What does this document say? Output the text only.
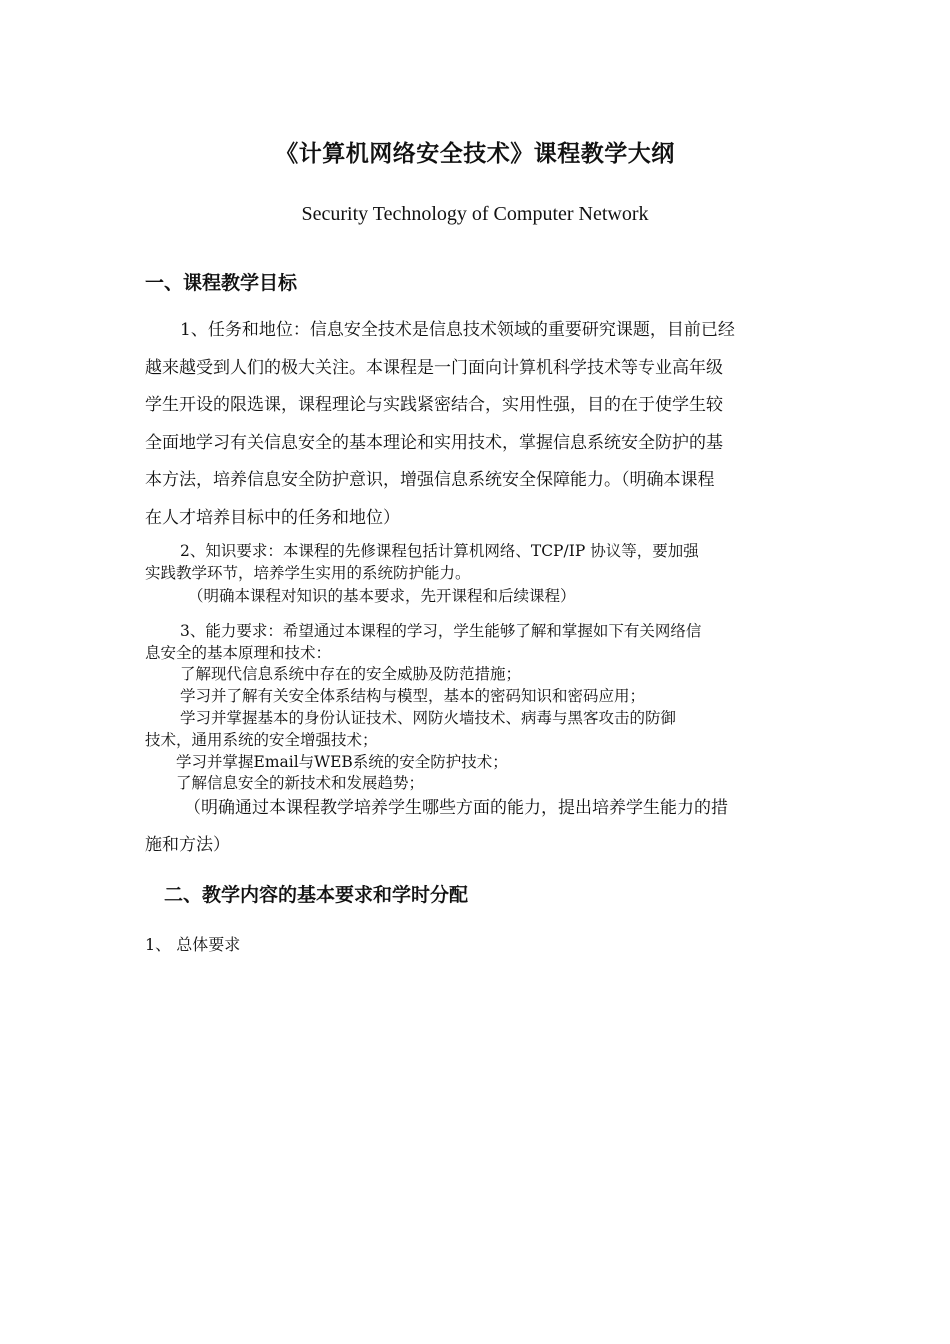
《计算机网络安全技术》课程教学大纲
Security Technology of Computer Network
一、课程教学目标
1、任务和地位：信息安全技术是信息技术领域的重要研究课题，目前已经
越来越受到人们的极大关注。本课程是一门面向计算机科学技术等专业高年级
学生开设的限选课，课程理论与实践紧密结合，实用性强，目的在于使学生较
全面地学习有关信息安全的基本理论和实用技术，掌握信息系统安全防护的基
本方法，培养信息安全防护意识，增强信息系统安全保障能力。（明确本课程
在人才培养目标中的任务和地位）
2、知识要求：本课程的先修课程包括计算机网络、TCP/IP 协议等，要加强
实践教学环节，培养学生实用的系统防护能力。
（明确本课程对知识的基本要求，先开课程和后续课程）
3、能力要求：希望通过本课程的学习，学生能够了解和掌握如下有关网络信
息安全的基本原理和技术：
了解现代信息系统中存在的安全威胁及防范措施；
学习并了解有关安全体系结构与模型，基本的密码知识和密码应用；
学习并掌握基本的身份认证技术、网防火墙技术、病毒与黑客攻击的防御
技术，通用系统的安全增强技术；
学习并掌握Email与WEB系统的安全防护技术；
了解信息安全的新技术和发展趋势；
（明确通过本课程教学培养学生哪些方面的能力，提出培养学生能力的措
施和方法）
二、教学内容的基本要求和学时分配
1、 总体要求
